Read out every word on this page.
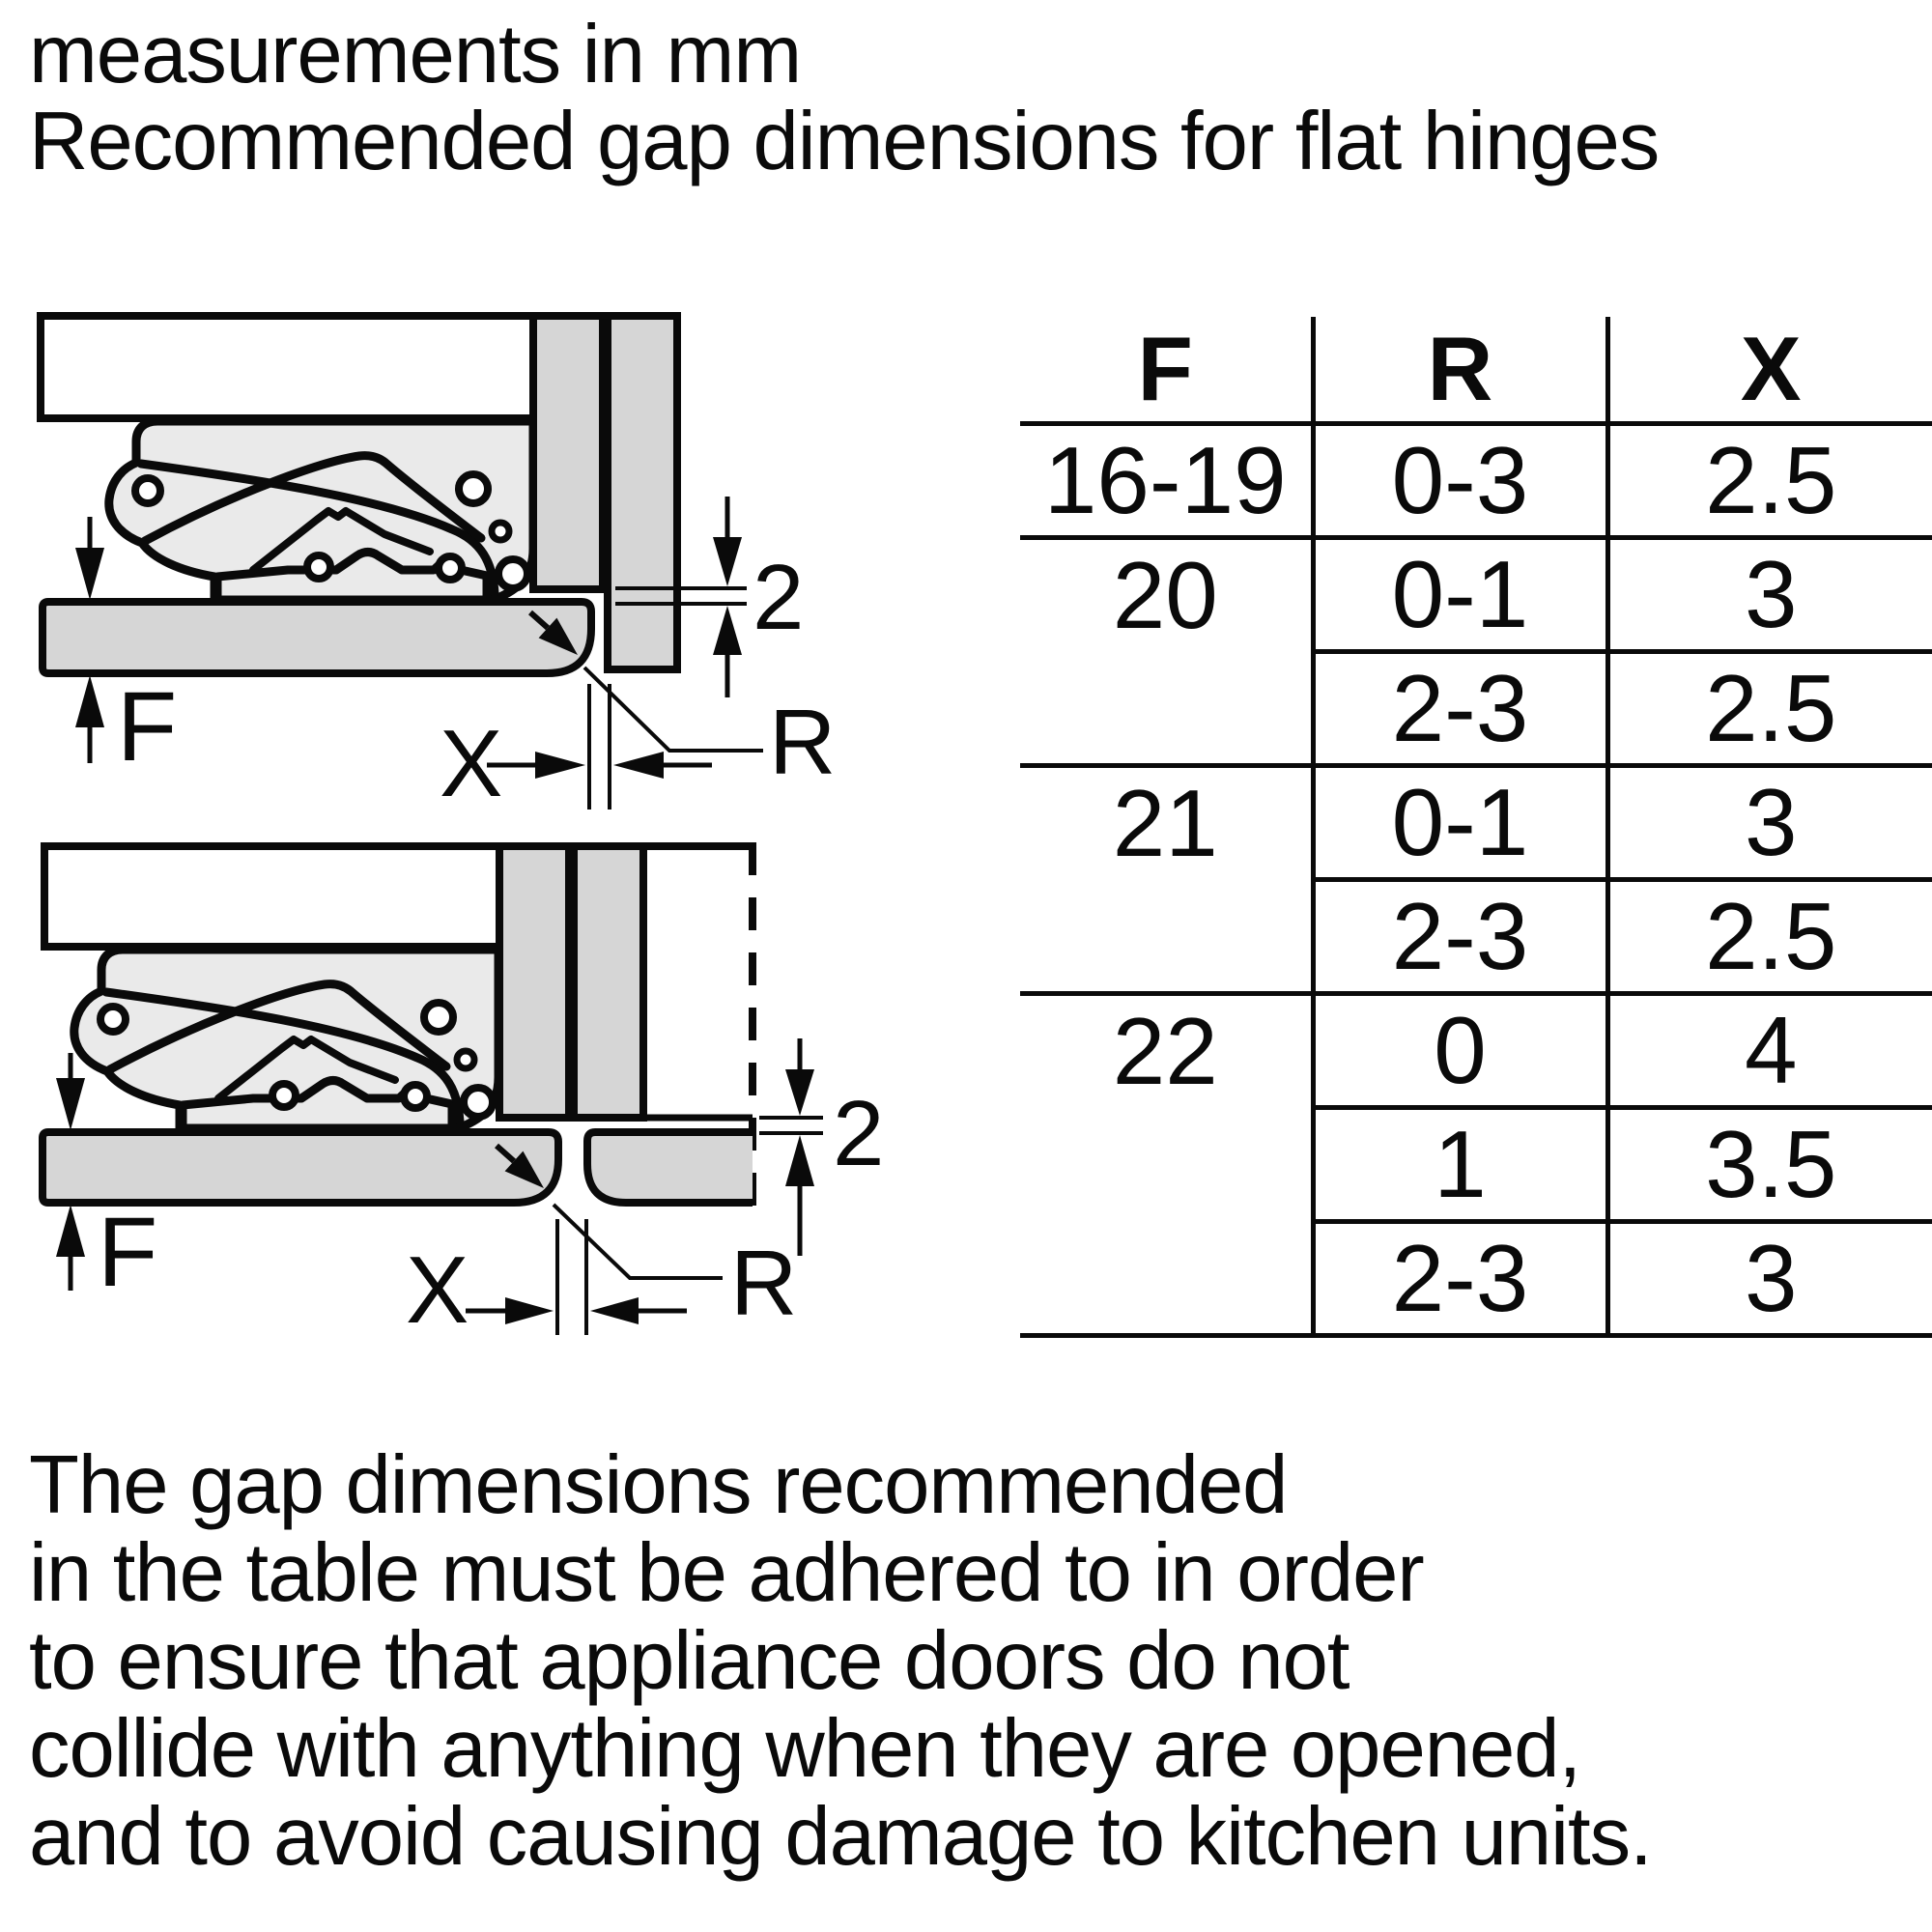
measurements in mm
Recommended gap dimensions for flat hinges
F
2
X	R
F
2
X	R
F	R	X
16-19	0-3	2.5
20	0-1	3
	2-3	2.5
21	0-1	3
	2-3	2.5
22	0	4
	1	3.5
	2-3	3
The gap dimensions recommended
in the table must be adhered to in order
to ensure that appliance doors do not
collide with anything when they are opened,
and to avoid causing damage to kitchen units.
